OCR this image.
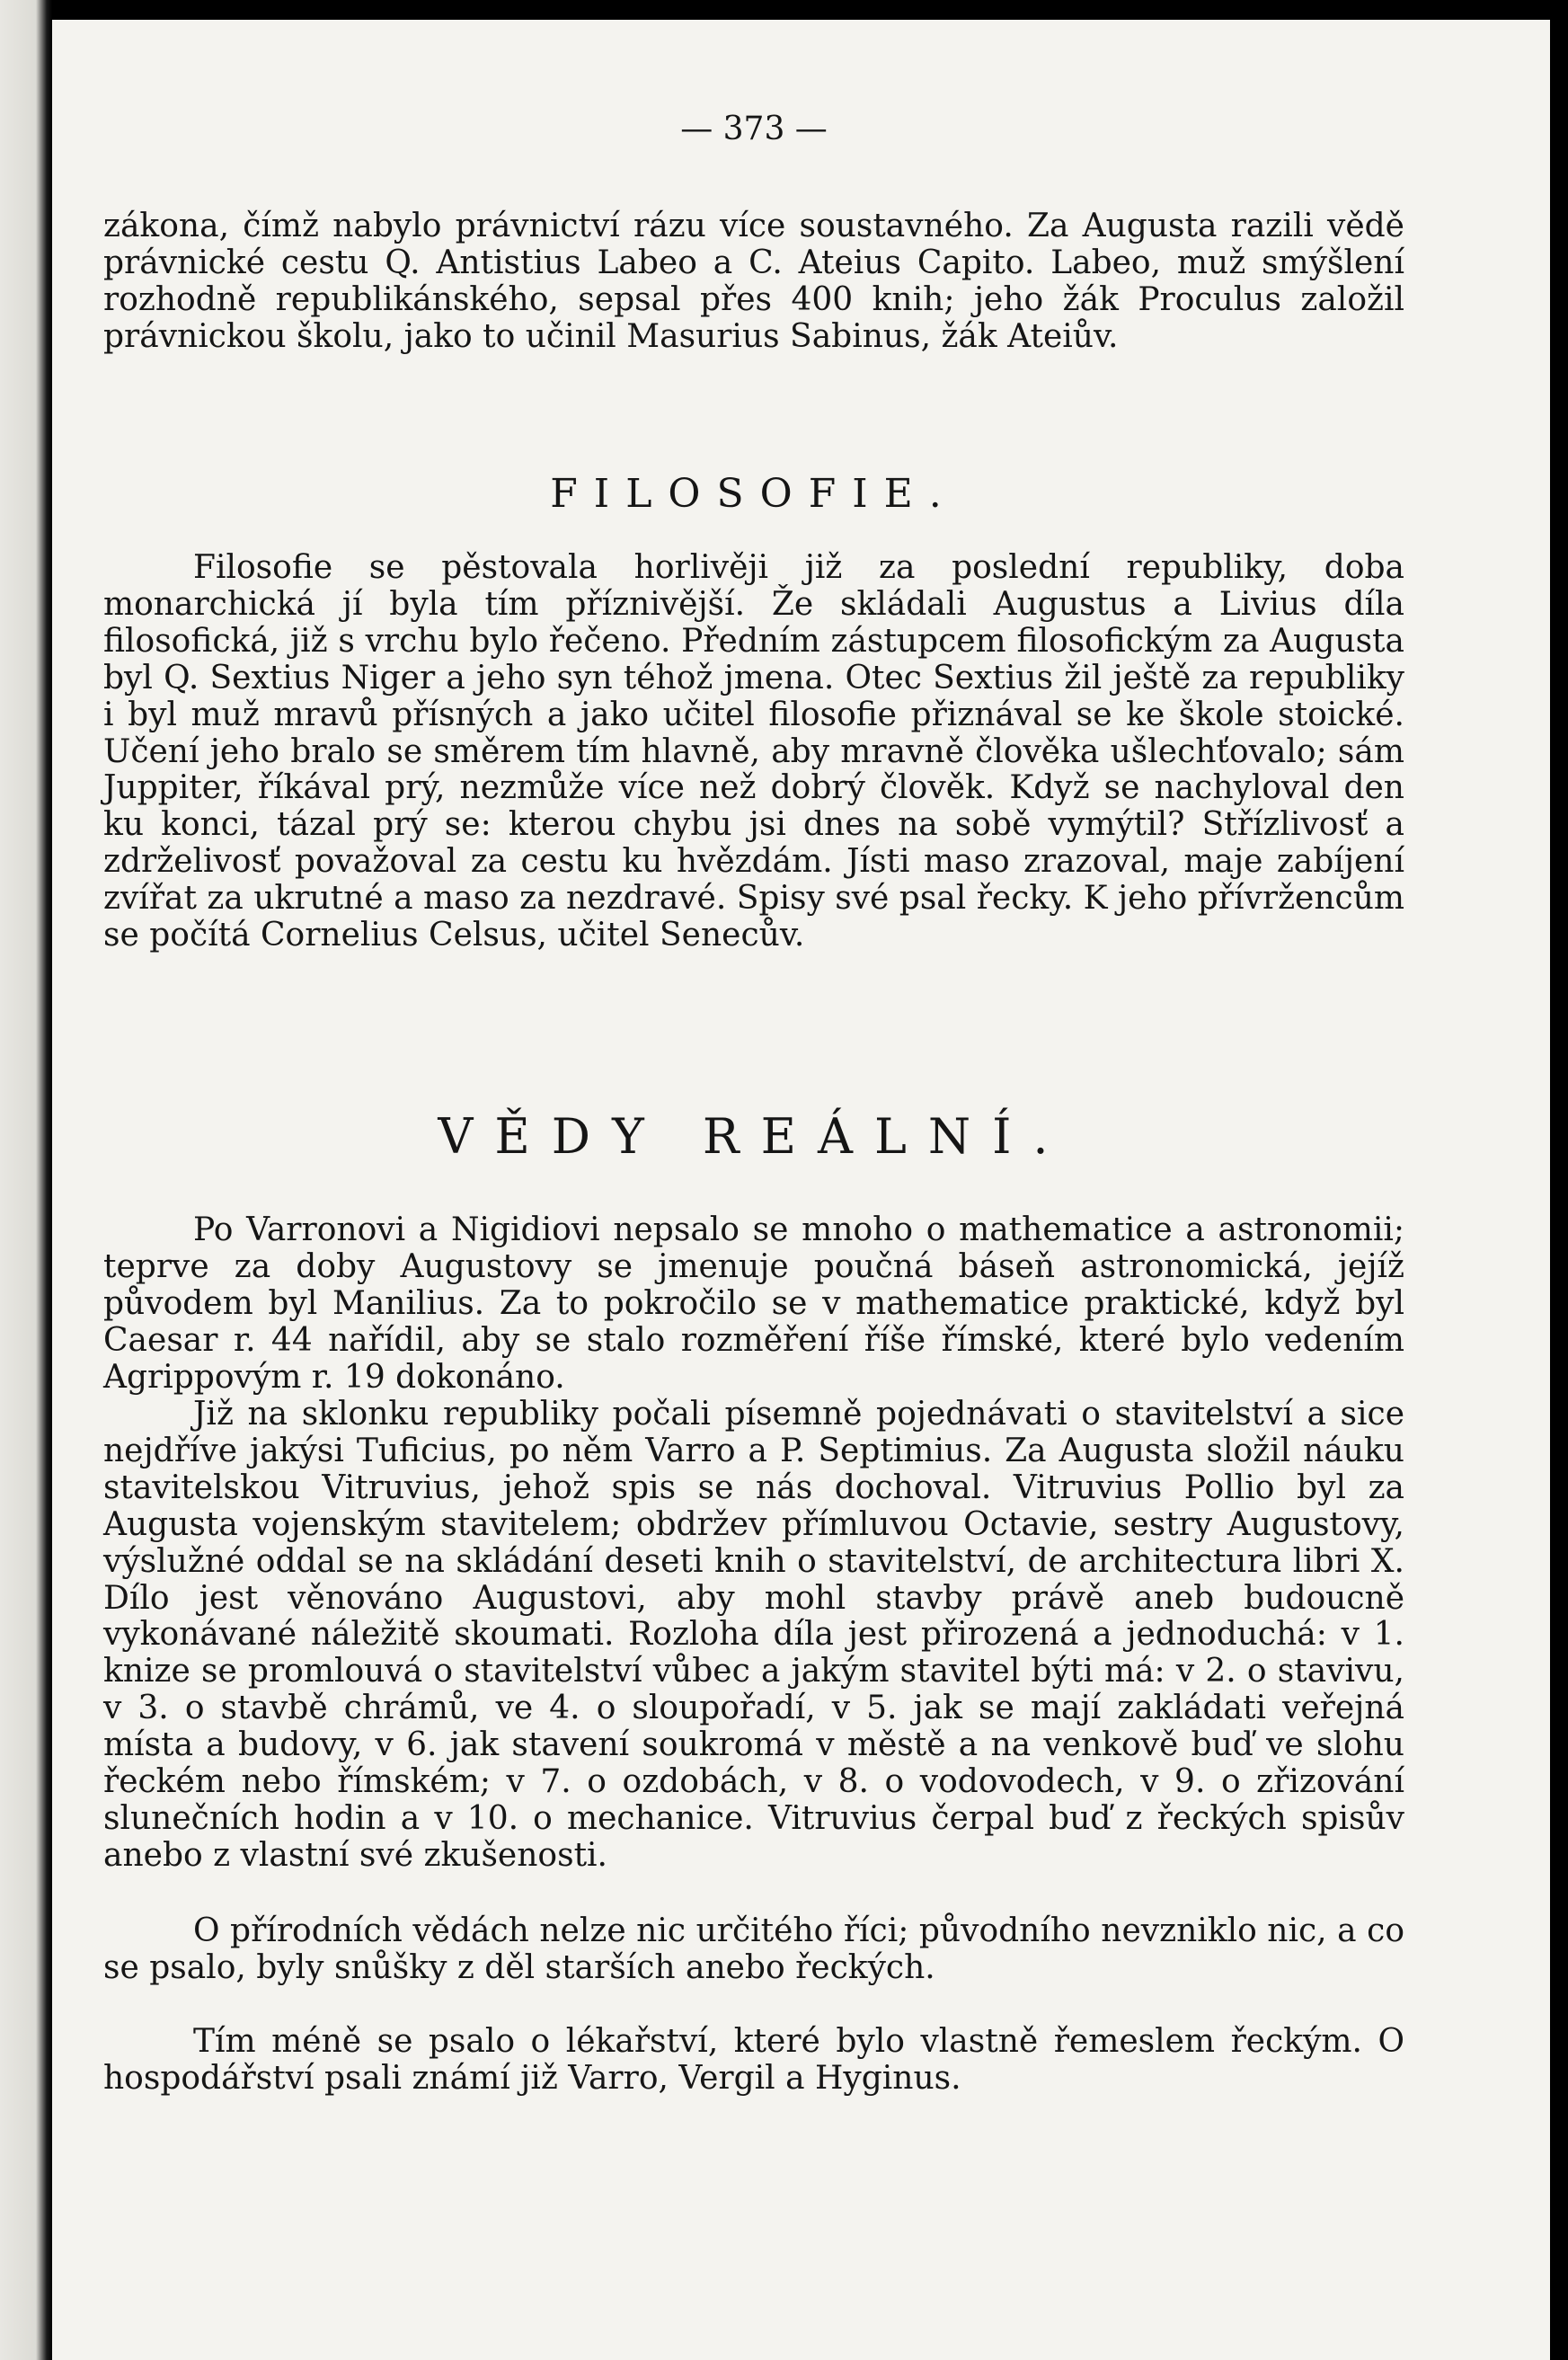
— 373 —

zákona, čímž nabylo právnictví rázu více soustavného. Za Augusta razili vědě právnické cestu Q. Antistius Labeo a C. Ateius Capito. Labeo, muž smýšlení rozhodně republikánského, sepsal přes 400 knih; jeho žák Proculus založil právnickou školu, jako to učinil Masurius Sabinus, žák Ateiův.

FILOSOFIE.

Filosofie se pěstovala horlivěji již za poslední republiky, doba monarchická jí byla tím příznivější. Že skládali Augustus a Livius díla filosofická, již s vrchu bylo řečeno. Předním zástupcem filosofickým za Augusta byl Q. Sextius Niger a jeho syn téhož jmena. Otec Sextius žil ještě za republiky i byl muž mravů přísných a jako učitel filosofie přiznával se ke škole stoické. Učení jeho bralo se směrem tím hlavně, aby mravně člověka ušlechťovalo; sám Juppiter, říkával prý, nezmůže více než dobrý člověk. Když se nachyloval den ku konci, tázal prý se: kterou chybu jsi dnes na sobě vymýtil? Střízlivosť a zdrželivosť považoval za cestu ku hvězdám. Jísti maso zrazoval, maje zabíjení zvířat za ukrutné a maso za nezdravé. Spisy své psal řecky. K jeho přívržencům se počítá Cornelius Celsus, učitel Senecův.

VĚDY REÁLNÍ.

Po Varronovi a Nigidiovi nepsalo se mnoho o mathematice a astronomii; teprve za doby Augustovy se jmenuje poučná báseň astronomická, jejíž původem byl Manilius. Za to pokročilo se v mathematice praktické, když byl Caesar r. 44 nařídil, aby se stalo rozměření říše římské, které bylo vedením Agrippovým r. 19 dokonáno.

Již na sklonku republiky počali písemně pojednávati o stavitelství a sice nejdříve jakýsi Tuficius, po něm Varro a P. Septimius. Za Augusta složil náuku stavitelskou Vitruvius, jehož spis se nás dochoval. Vitruvius Pollio byl za Augusta vojenským stavitelem; obdržev přímluvou Octavie, sestry Augustovy, výslužné oddal se na skládání deseti knih o stavitelství, de architectura libri X. Dílo jest věnováno Augustovi, aby mohl stavby právě aneb budoucně vykonávané náležitě skoumati. Rozloha díla jest přirozená a jednoduchá: v 1. knize se promlouvá o stavitelství vůbec a jakým stavitel býti má: v 2. o stavivu, v 3. o stavbě chrámů, ve 4. o sloupořadí, v 5. jak se mají zakládati veřejná místa a budovy, v 6. jak stavení soukromá v městě a na venkově buď ve slohu řeckém nebo římském; v 7. o ozdobách, v 8. o vodovodech, v 9. o zřizování slunečních hodin a v 10. o mechanice. Vitruvius čerpal buď z řeckých spisův anebo z vlastní své zkušenosti.

O přírodních vědách nelze nic určitého říci; původního nevzniklo nic, a co se psalo, byly snůšky z děl starších anebo řeckých.

Tím méně se psalo o lékařství, které bylo vlastně řemeslem řeckým. O hospodářství psali známí již Varro, Vergil a Hyginus.
